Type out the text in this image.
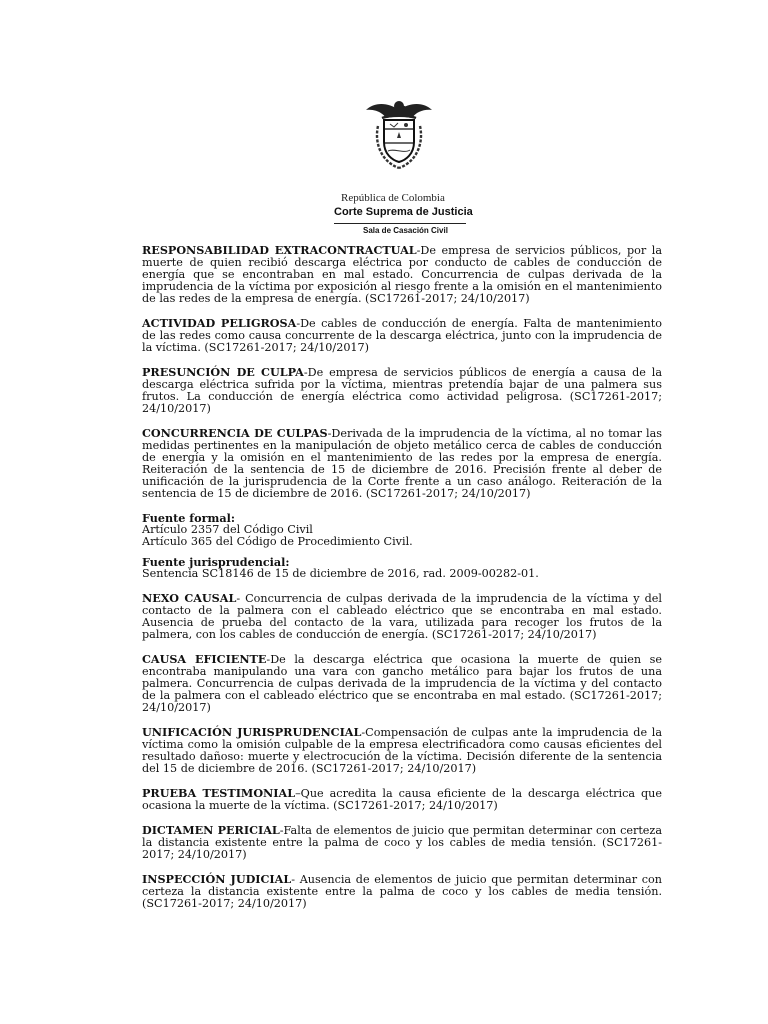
República de Colombia
Corte Suprema de Justicia
Sala de Casación Civil

RESPONSABILIDAD EXTRACONTRACTUAL-De empresa de servicios públicos, por la muerte de quien recibió descarga eléctrica por conducto de cables de conducción de energía que se encontraban en mal estado. Concurrencia de culpas derivada de la imprudencia de la víctima por exposición al riesgo frente a la omisión en el mantenimiento de las redes de la empresa de energía. (SC17261-2017; 24/10/2017)

ACTIVIDAD PELIGROSA-De cables de conducción de energía. Falta de mantenimiento de las redes como causa concurrente de la descarga eléctrica, junto con la imprudencia de la víctima. (SC17261-2017; 24/10/2017)

PRESUNCIÓN DE CULPA-De empresa de servicios públicos de energía a causa de la descarga eléctrica sufrida por la víctima, mientras pretendía bajar de una palmera sus frutos. La conducción de energía eléctrica como actividad peligrosa. (SC17261-2017; 24/10/2017)

CONCURRENCIA DE CULPAS-Derivada de la imprudencia de la víctima, al no tomar las medidas pertinentes en la manipulación de objeto metálico cerca de cables de conducción de energía y la omisión en el mantenimiento de las redes por la empresa de energía. Reiteración de la sentencia de 15 de diciembre de 2016. Precisión frente al deber de unificación de la jurisprudencia de la Corte frente a un caso análogo. Reiteración de la sentencia de 15 de diciembre de 2016. (SC17261-2017; 24/10/2017)

Fuente formal:
Artículo 2357 del Código Civil
Artículo 365 del Código de Procedimiento Civil.
Fuente jurisprudencial:
Sentencia SC18146 de 15 de diciembre de 2016, rad. 2009-00282-01.

NEXO CAUSAL- Concurrencia de culpas derivada de la imprudencia de la víctima y del contacto de la palmera con el cableado eléctrico que se encontraba en mal estado. Ausencia de prueba del contacto de la vara, utilizada para recoger los frutos de la palmera, con los cables de conducción de energía. (SC17261-2017; 24/10/2017)

CAUSA EFICIENTE-De la descarga eléctrica que ocasiona la muerte de quien se encontraba manipulando una vara con gancho metálico para bajar los frutos de una palmera. Concurrencia de culpas derivada de la imprudencia de la víctima y del contacto de la palmera con el cableado eléctrico que se encontraba en mal estado. (SC17261-2017; 24/10/2017)

UNIFICACIÓN JURISPRUDENCIAL-Compensación de culpas ante la imprudencia de la víctima como la omisión culpable de la empresa electrificadora como causas eficientes del resultado dañoso: muerte y electrocución de la víctima. Decisión diferente de la sentencia del 15 de diciembre de 2016. (SC17261-2017; 24/10/2017)

PRUEBA TESTIMONIAL–Que acredita la causa eficiente de la descarga eléctrica que ocasiona la muerte de la víctima. (SC17261-2017; 24/10/2017)

DICTAMEN PERICIAL-Falta de elementos de juicio que permitan determinar con certeza la distancia existente entre la palma de coco y los cables de media tensión. (SC17261-2017; 24/10/2017)

INSPECCIÓN JUDICIAL- Ausencia de elementos de juicio que permitan determinar con certeza la distancia existente entre la palma de coco y los cables de media tensión. (SC17261-2017; 24/10/2017)
